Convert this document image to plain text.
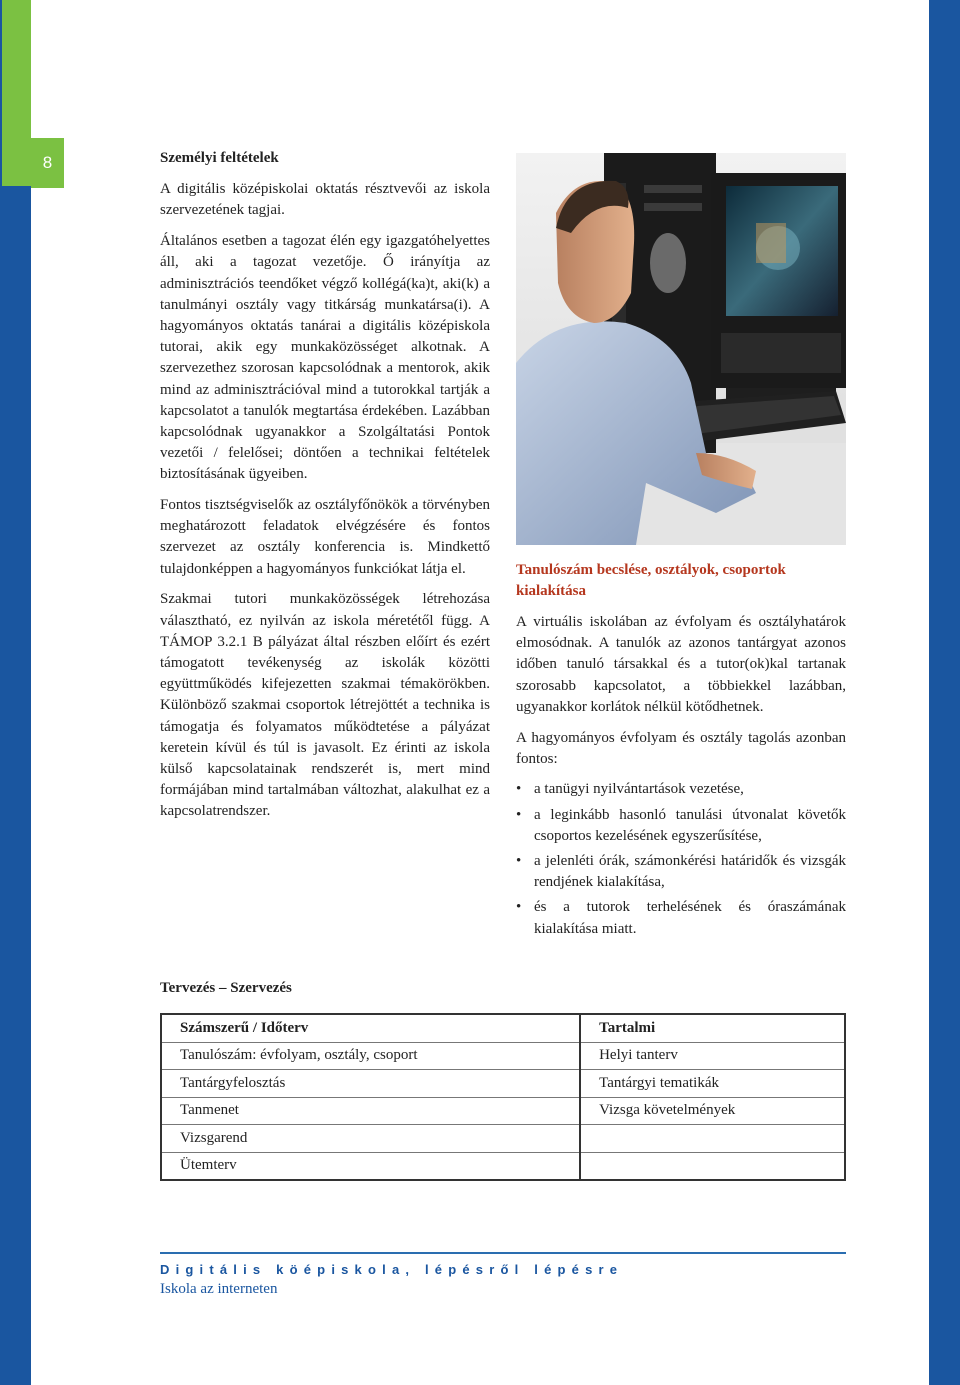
8	Személyi feltételek

A digitális középiskolai oktatás résztvevői az iskola szervezetének tagjai.

Általános esetben a tagozat élén egy igazgatóhelyettes áll, aki a tagozat vezetője. Ő irányítja az adminisztrációs teendőket végző kollégá(ka)t, aki(k) a tanulmányi osztály vagy titkárság munkatársa(i). A hagyományos oktatás tanárai a digitális középiskola tutorai, akik egy munkaközösséget alkotnak. A szervezethez szorosan kapcsolódnak a mentorok, akik mind az adminisztrációval mind a tutorokkal tartják a kapcsolatot a tanulók megtartása érdekében. Lazábban kapcsolódnak ugyanakkor a Szolgáltatási Pontok vezetői / felelősei; döntően a technikai feltételek biztosításának ügyeiben.

Fontos tisztségviselők az osztályfőnökök a törvényben meghatározott feladatok elvégzésére és fontos szervezet az osztály konferencia is. Mindkettő tulajdonképpen a hagyományos funkciókat látja el.

Szakmai tutori munkaközösségek létrehozása választható, ez nyilván az iskola méretétől függ. A TÁMOP 3.2.1 B pályázat által részben előírt és ezért támogatott tevékenység az iskolák közötti együttműködés kifejezetten szakmai témakörökben. Különböző szakmai csoportok létrejöttét a technika is támogatja és folyamatos működtetése a pályázat keretein kívül és túl is javasolt. Ez érinti az iskola külső kapcsolatainak rendszerét is, mert mind formájában mind tartalmában változhat, alakulhat ez a kapcsolatrendszer.

Tanulószám becslése, osztályok, csoportok kialakítása

A virtuális iskolában az évfolyam és osztályhatárok elmosódnak. A tanulók az azonos tantárgyat azonos időben tanuló társakkal és a tutor(ok)kal tartanak szorosabb kapcsolatot, a többiekkel lazábban, ugyanakkor korlátok nélkül kötődhetnek.

A hagyományos évfolyam és osztály tagolás azonban fontos:

• a tanügyi nyilvántartások vezetése,
• a leginkább hasonló tanulási útvonalat követők csoportos kezelésének egyszerűsítése,
• a jelenléti órák, számonkérési határidők és vizsgák rendjének kialakítása,
• és a tutorok terhelésének és óraszámának kialakítása miatt.
Tervezés – Szervezés
Számszerű / Időterv	Tartalmi
Tanulószám: évfolyam, osztály, csoport	Helyi tanterv
Tantárgyfelosztás	Tantárgyi tematikák
Tanmenet	Vizsga követelmények
Vizsgarend	
Ütemterv	
Digitális köépiskola, lépésről lépésre
Iskola az interneten
